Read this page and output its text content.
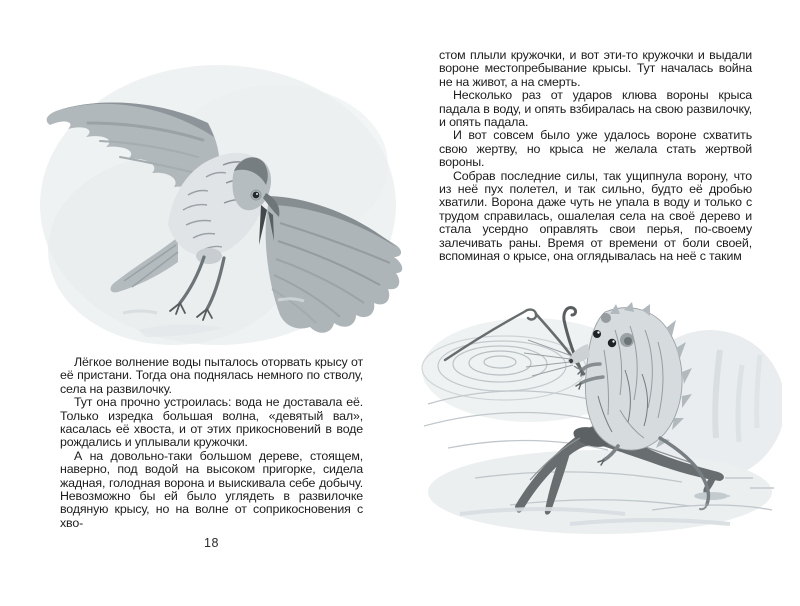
Лёгкое волнение воды пыталось оторвать крысу от её пристани. Тогда она поднялась немного по стволу, села на развилочку.

Тут она прочно устроилась: вода не доставала её. Только изредка большая волна, «девятый вал», касалась её хвоста, и от этих прикосновений в воде рождались и уплывали кружочки.

А на довольно-таки большом дереве, стоящем, наверно, под водой на высоком пригорке, сидела жадная, голодная ворона и выискивала себе добычу. Невозможно бы ей было углядеть в развилочке водяную крысу, но на волне от соприкосновения с хво-

18

стом плыли кружочки, и вот эти-то кружочки и выдали вороне местопребывание крысы. Тут началась война не на живот, а на смерть.

Несколько раз от ударов клюва вороны крыса падала в воду, и опять взбиралась на свою развилочку, и опять падала.

И вот совсем было уже удалось вороне схватить свою жертву, но крыса не желала стать жертвой вороны.

Собрав последние силы, так ущипнула ворону, что из неё пух полетел, и так сильно, будто её дробью хватили. Ворона даже чуть не упала в воду и только с трудом справилась, ошалелая села на своё дерево и стала усердно оправлять свои перья, по-своему залечивать раны. Время от времени от боли своей, вспоминая о крысе, она оглядывалась на неё с таким
